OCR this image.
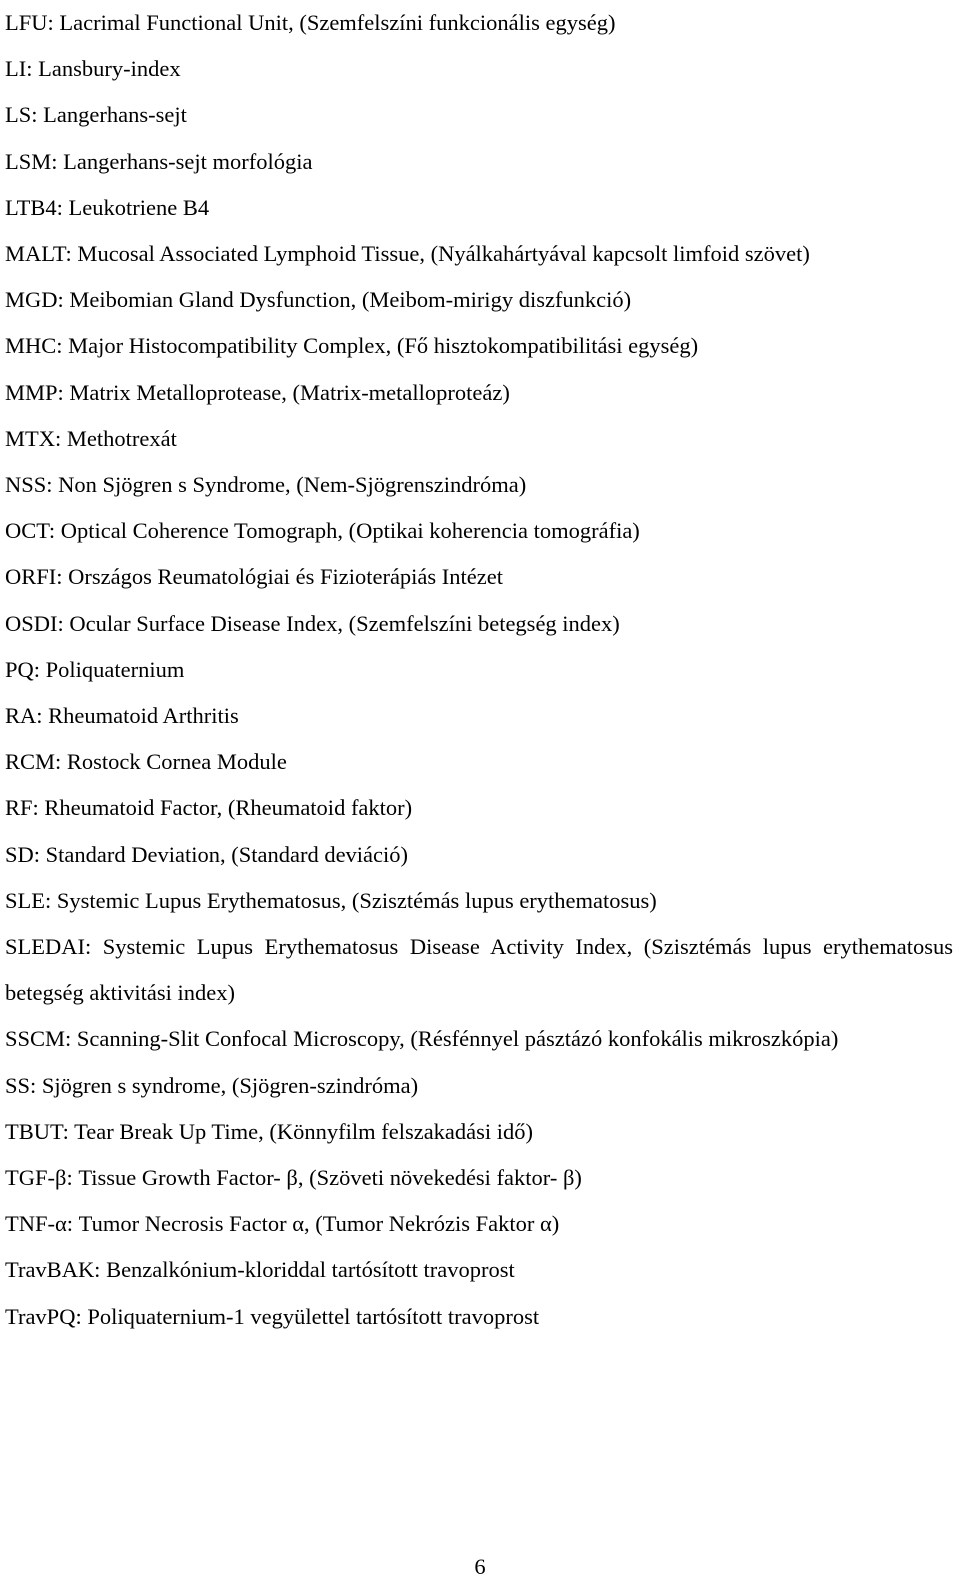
LFU: Lacrimal Functional Unit, (Szemfelszíni funkcionális egység)

LI: Lansbury-index

LS: Langerhans-sejt

LSM: Langerhans-sejt morfológia

LTB4: Leukotriene B4

MALT: Mucosal Associated Lymphoid Tissue, (Nyálkahártyával kapcsolt limfoid szövet)

MGD: Meibomian Gland Dysfunction, (Meibom-mirigy diszfunkció)

MHC: Major Histocompatibility Complex, (Fő hisztokompatibilitási egység)

MMP: Matrix Metalloprotease, (Matrix-metalloproteáz)

MTX: Methotrexát

NSS: Non Sjögren s Syndrome, (Nem-Sjögrenszindróma)

OCT: Optical Coherence Tomograph, (Optikai koherencia tomográfia)

ORFI: Országos Reumatológiai és Fizioterápiás Intézet

OSDI: Ocular Surface Disease Index, (Szemfelszíni betegség index)

PQ: Poliquaternium

RA: Rheumatoid Arthritis

RCM: Rostock Cornea Module

RF: Rheumatoid Factor, (Rheumatoid faktor)

SD: Standard Deviation, (Standard deviáció)

SLE: Systemic Lupus Erythematosus, (Szisztémás lupus erythematosus)

SLEDAI: Systemic Lupus Erythematosus Disease Activity Index, (Szisztémás lupus erythematosus betegség aktivitási index)

SSCM: Scanning-Slit Confocal Microscopy, (Résfénnyel pásztázó konfokális mikroszkópia)

SS: Sjögren s syndrome, (Sjögren-szindróma)

TBUT: Tear Break Up Time, (Könnyfilm felszakadási idő)

TGF-β: Tissue Growth Factor- β, (Szöveti növekedési faktor- β)

TNF-α: Tumor Necrosis Factor α, (Tumor Nekrózis Faktor α)

TravBAK: Benzalkónium-kloriddal tartósított travoprost

TravPQ: Poliquaternium-1 vegyülettel tartósított travoprost

6
